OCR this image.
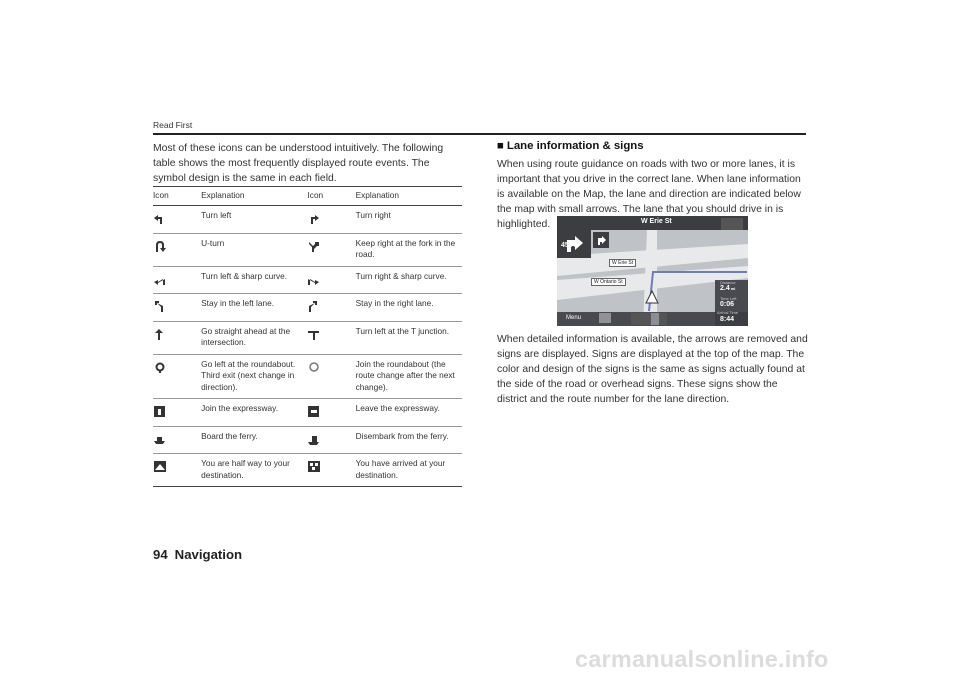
Read First

Most of these icons can be understood intuitively. The following table shows the most frequently displayed route events. The symbol design is the same in each field.

Icon	Explanation	Icon	Explanation

	Turn left		Turn right

	U-turn		Keep right at the fork in the road.

	Turn left & sharp curve.		Turn right & sharp curve.

	Stay in the left lane.		Stay in the right lane.

	Go straight ahead at the intersection.		Turn left at the T junction.

	Go left at the roundabout. Third exit (next change in direction).		Join the roundabout (the route change after the next change).

	Join the expressway.		Leave the expressway.

	Board the ferry.		Disembark from the ferry.

	You are half way to your destination.		You have arrived at your destination.
■ Lane information & signs

When using route guidance on roads with two or more lanes, it is important that you drive in the correct lane. When lane information is available on the Map, the lane and direction are indicated below the map with small arrows. The lane that you should drive in is highlighted.	W Erie St
W Erie St
W Ontario St
450ft
Distance
2.4mi
Time Left
0:06
Arrival Time
8:44
Menu

When detailed information is available, the arrows are removed and signs are displayed. Signs are displayed at the top of the map. The color and design of the signs is the same as signs actually found at the side of the road or overhead signs. These signs show the district and the route number for the lane direction.

94 Navigation
carmanualsonline.info
